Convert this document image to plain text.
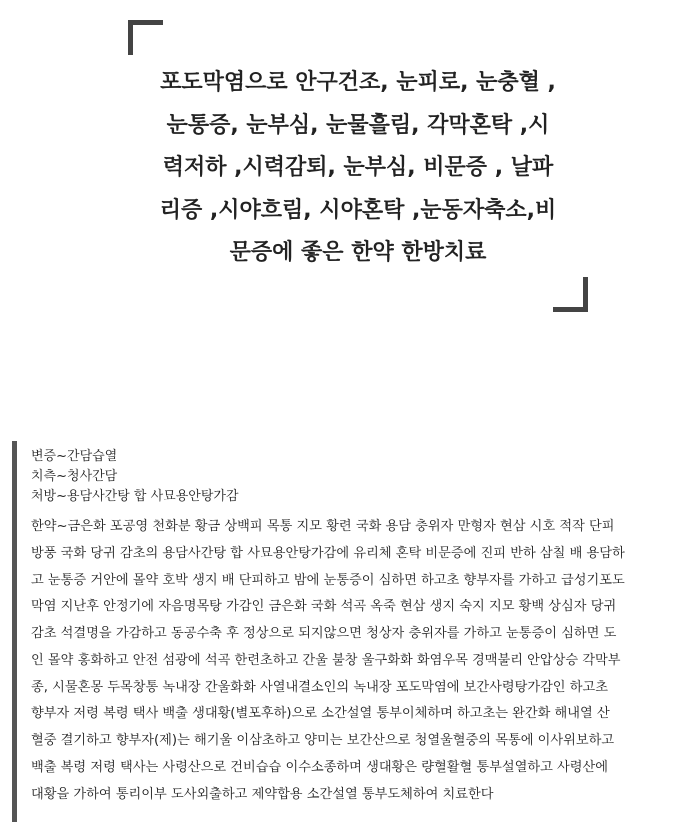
포도막염으로 안구건조, 눈피로, 눈충혈 ,
눈통증, 눈부심, 눈물흘림, 각막혼탁 ,시
력저하 ,시력감퇴, 눈부심, 비문증 , 날파
리증 ,시야흐림, 시야혼탁 ,눈동자축소,비
문증에 좋은 한약 한방치료
변증~간담습열
치측~청사간담
처방~용담사간탕 합 사묘용안탕가감
한약~금은화 포공영 천화분 황금 상백피 목통 지모 황련 국화 용담 충위자 만형자 현삼 시호 적작 단피
방풍 국화 당귀 감초의 용담사간탕 합 사묘용안탕가감에 유리체 혼탁 비문증에 진피 반하 삼칠 배 용담하
고 눈통증 거안에 몰약 호박 생지 배 단피하고 밤에 눈통증이 심하면 하고초 향부자를 가하고 급성기포도
막염 지난후 안정기에 자음명목탕 가감인 금은화 국화 석곡 옥죽 현삼 생지 숙지 지모 황백 상심자 당귀
감초 석결명을 가감하고 동공수축 후 정상으로 되지않으면 청상자 충위자를 가하고 눈통증이 심하면 도
인 몰약 홍화하고 안전 섬광에 석곡 한련초하고 간울 불창 울구화화 화염우목 경맥불리 안압상승 각막부
종, 시물혼몽 두목창통 녹내장 간울화화 사열내결소인의 녹내장 포도막염에 보간사령탕가감인 하고초
향부자 저령 복령 택사 백출 생대황(별포후하)으로 소간설열 통부이체하며 하고초는 완간화 해내열 산
혈중 결기하고 향부자(제)는 해기울 이삼초하고 양미는 보간산으로 청열울혈중의 목통에 이사위보하고
백출 복령 저령 택사는 사령산으로 건비습습 이수소종하며 생대황은 량혈활혈 통부설열하고 사령산에
대황을 가하여 통리이부 도사외출하고 제약합용 소간설열 통부도체하여 치료한다
